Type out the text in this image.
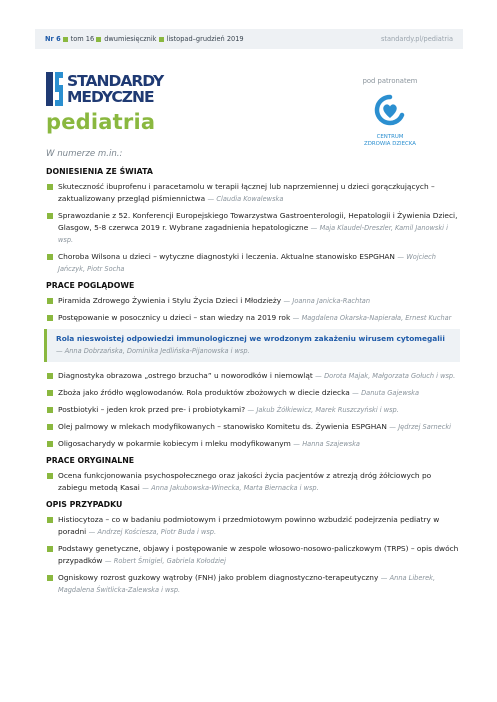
Nr 6 tom 16 dwumiesięcznik listopad–grudzień 2019	standardy.pl/pediatria
STANDARDY
MEDYCZNE
pediatria
pod patronatem
CENTRUM
ZDROWIA DZIECKA
W numerze m.in.:
DONIESIENIA ZE ŚWIATA
Skuteczność ibuprofenu i paracetamolu w terapii łącznej lub naprzemiennej u dzieci gorączkujących – zaktualizowany przegląd piśmiennictwa — Claudia Kowalewska
Sprawozdanie z 52. Konferencji Europejskiego Towarzystwa Gastroenterologii, Hepatologii i Żywienia Dzieci, Glasgow, 5-8 czerwca 2019 r. Wybrane zagadnienia hepatologiczne — Maja Klaudel-Dreszler, Kamil Janowski i wsp.
Choroba Wilsona u dzieci – wytyczne diagnostyki i leczenia. Aktualne stanowisko ESPGHAN — Wojciech Jańczyk, Piotr Socha
PRACE POGLĄDOWE
Piramida Zdrowego Żywienia i Stylu Życia Dzieci i Młodzieży — Joanna Janicka-Rachtan
Postępowanie w posocznicy u dzieci – stan wiedzy na 2019 rok — Magdalena Okarska-Napierała, Ernest Kuchar
Rola nieswoistej odpowiedzi immunologicznej we wrodzonym zakażeniu wirusem cytomegalii
— Anna Dobrzańska, Dominika Jedlińska-Pijanowska i wsp.
Diagnostyka obrazowa „ostrego brzucha” u noworodków i niemowląt — Dorota Majak, Małgorzata Gołuch i wsp.
Zboża jako źródło węglowodanów. Rola produktów zbożowych w diecie dziecka — Danuta Gajewska
Postbiotyki – jeden krok przed pre- i probiotykami? — Jakub Żółkiewicz, Marek Ruszczyński i wsp.
Olej palmowy w mlekach modyfikowanych – stanowisko Komitetu ds. Żywienia ESPGHAN — Jędrzej Sarnecki
Oligosacharydy w pokarmie kobiecym i mleku modyfikowanym — Hanna Szajewska
PRACE ORYGINALNE
Ocena funkcjonowania psychospołecznego oraz jakości życia pacjentów z atrezją dróg żółciowych po zabiegu metodą Kasai — Anna Jakubowska-Winecka, Marta Biernacka i wsp.
OPIS PRZYPADKU
Histiocytoza – co w badaniu podmiotowym i przedmiotowym powinno wzbudzić podejrzenia pediatry w poradni — Andrzej Kościesza, Piotr Buda i wsp.
Podstawy genetyczne, objawy i postępowanie w zespole włosowo-nosowo-paliczkowym (TRPS) – opis dwóch przypadków — Robert Śmigiel, Gabriela Kołodziej
Ogniskowy rozrost guzkowy wątroby (FNH) jako problem diagnostyczno-terapeutyczny — Anna Liberek, Magdalena Świtlicka-Zalewska i wsp.
